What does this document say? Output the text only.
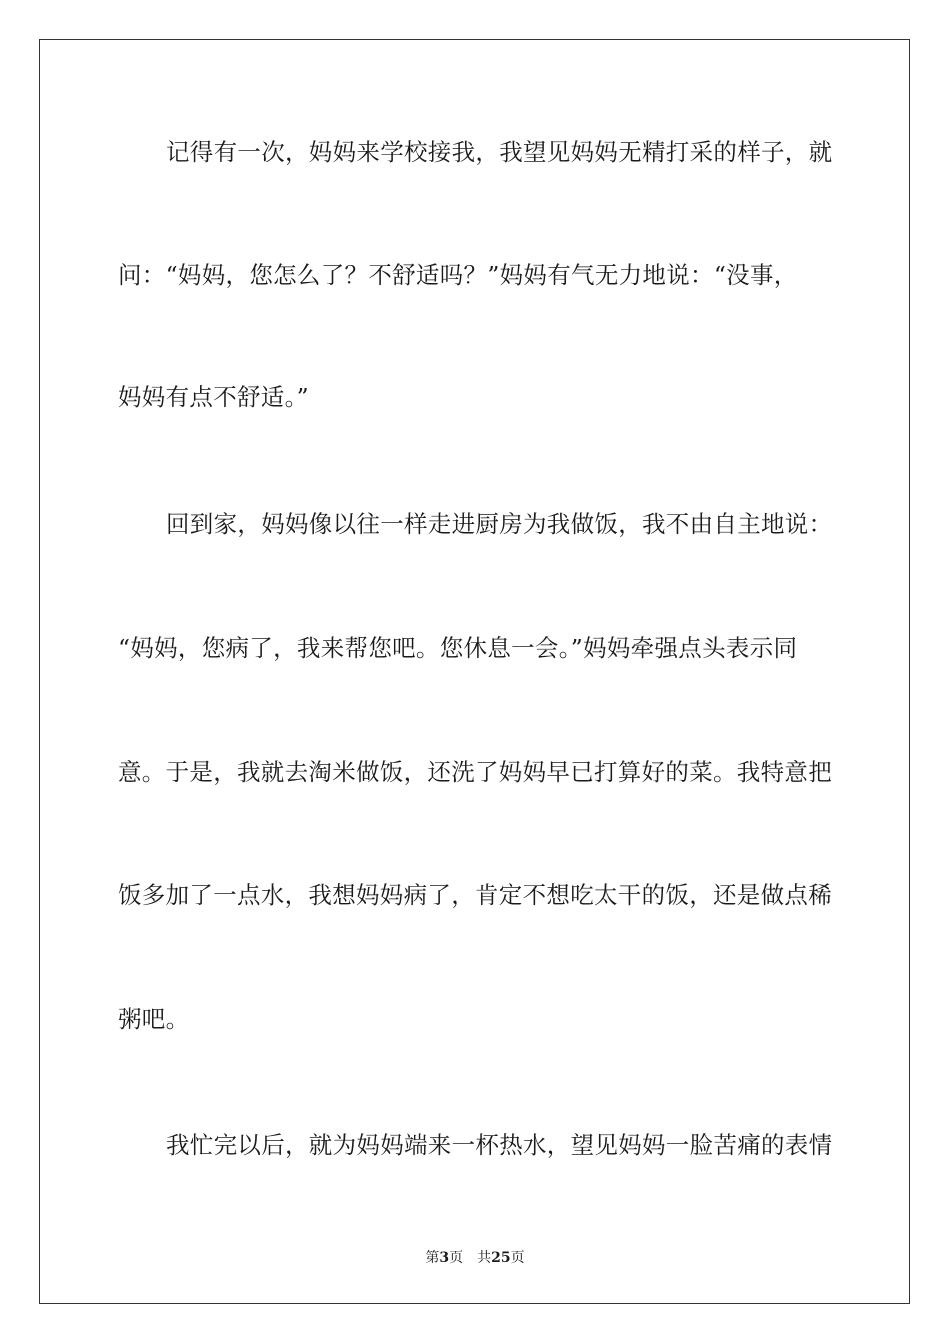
记得有一次，妈妈来学校接我，我望见妈妈无精打采的样子，就
问：“妈妈，您怎么了？不舒适吗？”妈妈有气无力地说：“没事，
妈妈有点不舒适。”
回到家，妈妈像以往一样走进厨房为我做饭，我不由自主地说：
“妈妈，您病了，我来帮您吧。您休息一会。”妈妈牵强点头表示同
意。于是，我就去淘米做饭，还洗了妈妈早已打算好的菜。我特意把
饭多加了一点水，我想妈妈病了，肯定不想吃太干的饭，还是做点稀
粥吧。
我忙完以后，就为妈妈端来一杯热水，望见妈妈一脸苦痛的表情
第3页 共25页
